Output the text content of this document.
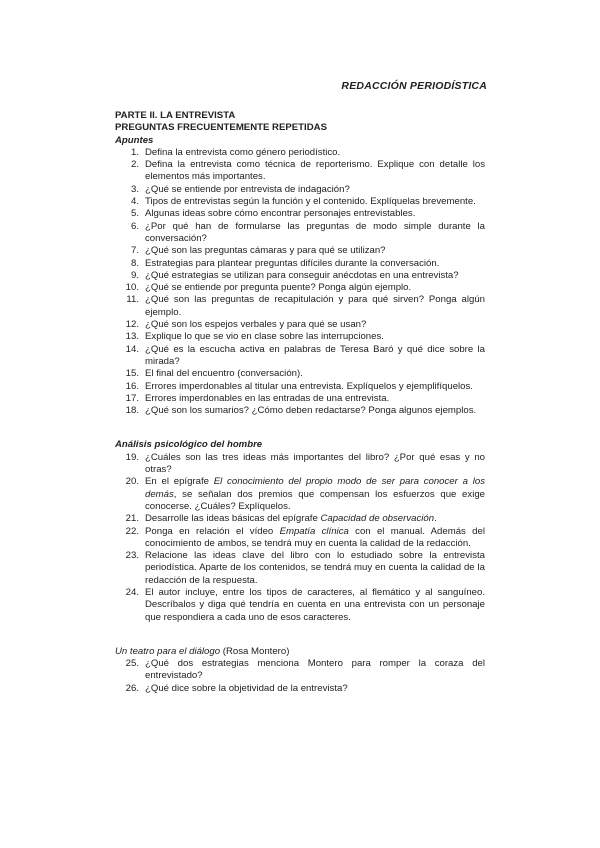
REDACCIÓN PERIODÍSTICA
PARTE II. LA ENTREVISTA
PREGUNTAS FRECUENTEMENTE REPETIDAS
Apuntes
1. Defina la entrevista como género periodístico.
2. Defina la entrevista como técnica de reporterismo. Explique con detalle los elementos más importantes.
3. ¿Qué se entiende por entrevista de indagación?
4. Tipos de entrevistas según la función y el contenido. Explíquelas brevemente.
5. Algunas ideas sobre cómo encontrar personajes entrevistables.
6. ¿Por qué han de formularse las preguntas de modo simple durante la conversación?
7. ¿Qué son las preguntas cámaras y para qué se utilizan?
8. Estrategias para plantear preguntas difíciles durante la conversación.
9. ¿Qué estrategias se utilizan para conseguir anécdotas en una entrevista?
10. ¿Qué se entiende por pregunta puente? Ponga algún ejemplo.
11. ¿Qué son las preguntas de recapitulación y para qué sirven? Ponga algún ejemplo.
12. ¿Qué son los espejos verbales y para qué se usan?
13. Explique lo que se vio en clase sobre las interrupciones.
14. ¿Qué es la escucha activa en palabras de Teresa Baró y qué dice sobre la mirada?
15. El final del encuentro (conversación).
16. Errores imperdonables al titular una entrevista. Explíquelos y ejemplifíquelos.
17. Errores imperdonables en las entradas de una entrevista.
18. ¿Qué son los sumarios? ¿Cómo deben redactarse? Ponga algunos ejemplos.
Análisis psicológico del hombre
19. ¿Cuáles son las tres ideas más importantes del libro? ¿Por qué esas y no otras?
20. En el epígrafe El conocimiento del propio modo de ser para conocer a los demás, se señalan dos premios que compensan los esfuerzos que exige conocerse. ¿Cuáles? Explíquelos.
21. Desarrolle las ideas básicas del epígrafe Capacidad de observación.
22. Ponga en relación el vídeo Empatía clínica con el manual. Además del conocimiento de ambos, se tendrá muy en cuenta la calidad de la redacción.
23. Relacione las ideas clave del libro con lo estudiado sobre la entrevista periodística. Aparte de los contenidos, se tendrá muy en cuenta la calidad de la redacción de la respuesta.
24. El autor incluye, entre los tipos de caracteres, al flemático y al sanguíneo. Descríbalos y diga qué tendría en cuenta en una entrevista con un personaje que respondiera a cada uno de esos caracteres.
Un teatro para el diálogo (Rosa Montero)
25. ¿Qué dos estrategias menciona Montero para romper la coraza del entrevistado?
26. ¿Qué dice sobre la objetividad de la entrevista?
